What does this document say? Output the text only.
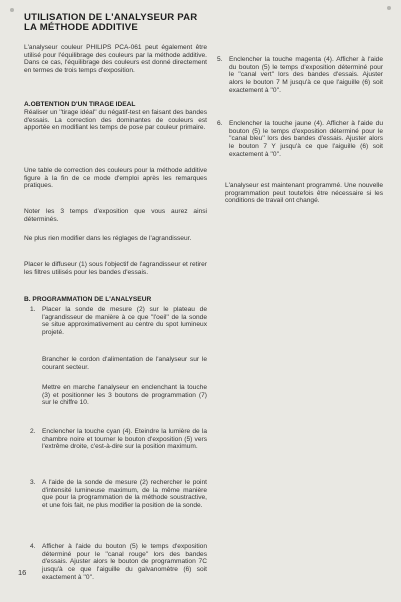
UTILISATION DE L'ANALYSEUR PAR
LA MÉTHODE ADDITIVE

L'analyseur couleur PHILIPS PCA-061 peut également être utilisé pour l'équilibrage des couleurs par la méthode additive. Dans ce cas, l'équilibrage des couleurs est donné directement en termes de trois temps d'exposition.

A.OBTENTION D'UN TIRAGE IDEAL

Réaliser un ''tirage idéal'' du négatif-test en faisant des bandes d'essais. La correction des dominantes de couleurs est apportée en modifiant les temps de pose par couleur primaire.

Une table de correction des couleurs pour la méthode additive figure à la fin de ce mode d'emploi après les remarques pratiques.

Noter les 3 temps d'exposition que vous aurez ainsi déterminés.

Ne plus rien modifier dans les réglages de l'agrandisseur.

Placer le diffuseur (1) sous l'objectif de l'agrandisseur et retirer les filtres utilisés pour les bandes d'essais.

B. PROGRAMMATION DE L'ANALYSEUR
1. Placer la sonde de mesure (2) sur le plateau de l'agrandisseur de manière à ce que ''l'oeil'' de la sonde se situe approximativement au centre du spot lumineux projeté.
Brancher le cordon d'alimentation de l'analyseur sur le courant secteur.
Mettre en marche l'analyseur en enclenchant la touche (3) et positionner les 3 boutons de programmation (7) sur le chiffre 10.
2. Enclencher la touche cyan (4). Eteindre la lumière de la chambre noire et tourner le bouton d'exposition (5) vers l'extrême droite, c'est-à-dire sur la position maximum.
3. A l'aide de la sonde de mesure (2) rechercher le point d'intensité lumineuse maximum, de la même manière que pour la programmation de la méthode soustractive, et une fois fait, ne plus modifier la position de la sonde.
4. Afficher à l'aide du bouton (5) le temps d'exposition déterminé pour le ''canal rouge'' lors des bandes d'essais. Ajuster alors le bouton de programmation 7C jusqu'à ce que l'aiguille du galvanomètre (6) soit exactement à ''0''.
5. Enclencher la touche magenta (4). Afficher à l'aide du bouton (5) le temps d'exposition déterminé pour le ''canal vert'' lors des bandes d'essais. Ajuster alors le bouton 7 M jusqu'à ce que l'aiguille (6) soit exactement à ''0''.
6. Enclencher la touche jaune (4). Afficher à l'aide du bouton (5) le temps d'exposition déterminé pour le ''canal bleu'' lors des bandes d'essais. Ajuster alors le bouton 7 Y jusqu'à ce que l'aiguille (6) soit exactement à ''0''.

L'analyseur est maintenant programmé. Une nouvelle programmation peut toutefois être nécessaire si les conditions de travail ont changé.

16
